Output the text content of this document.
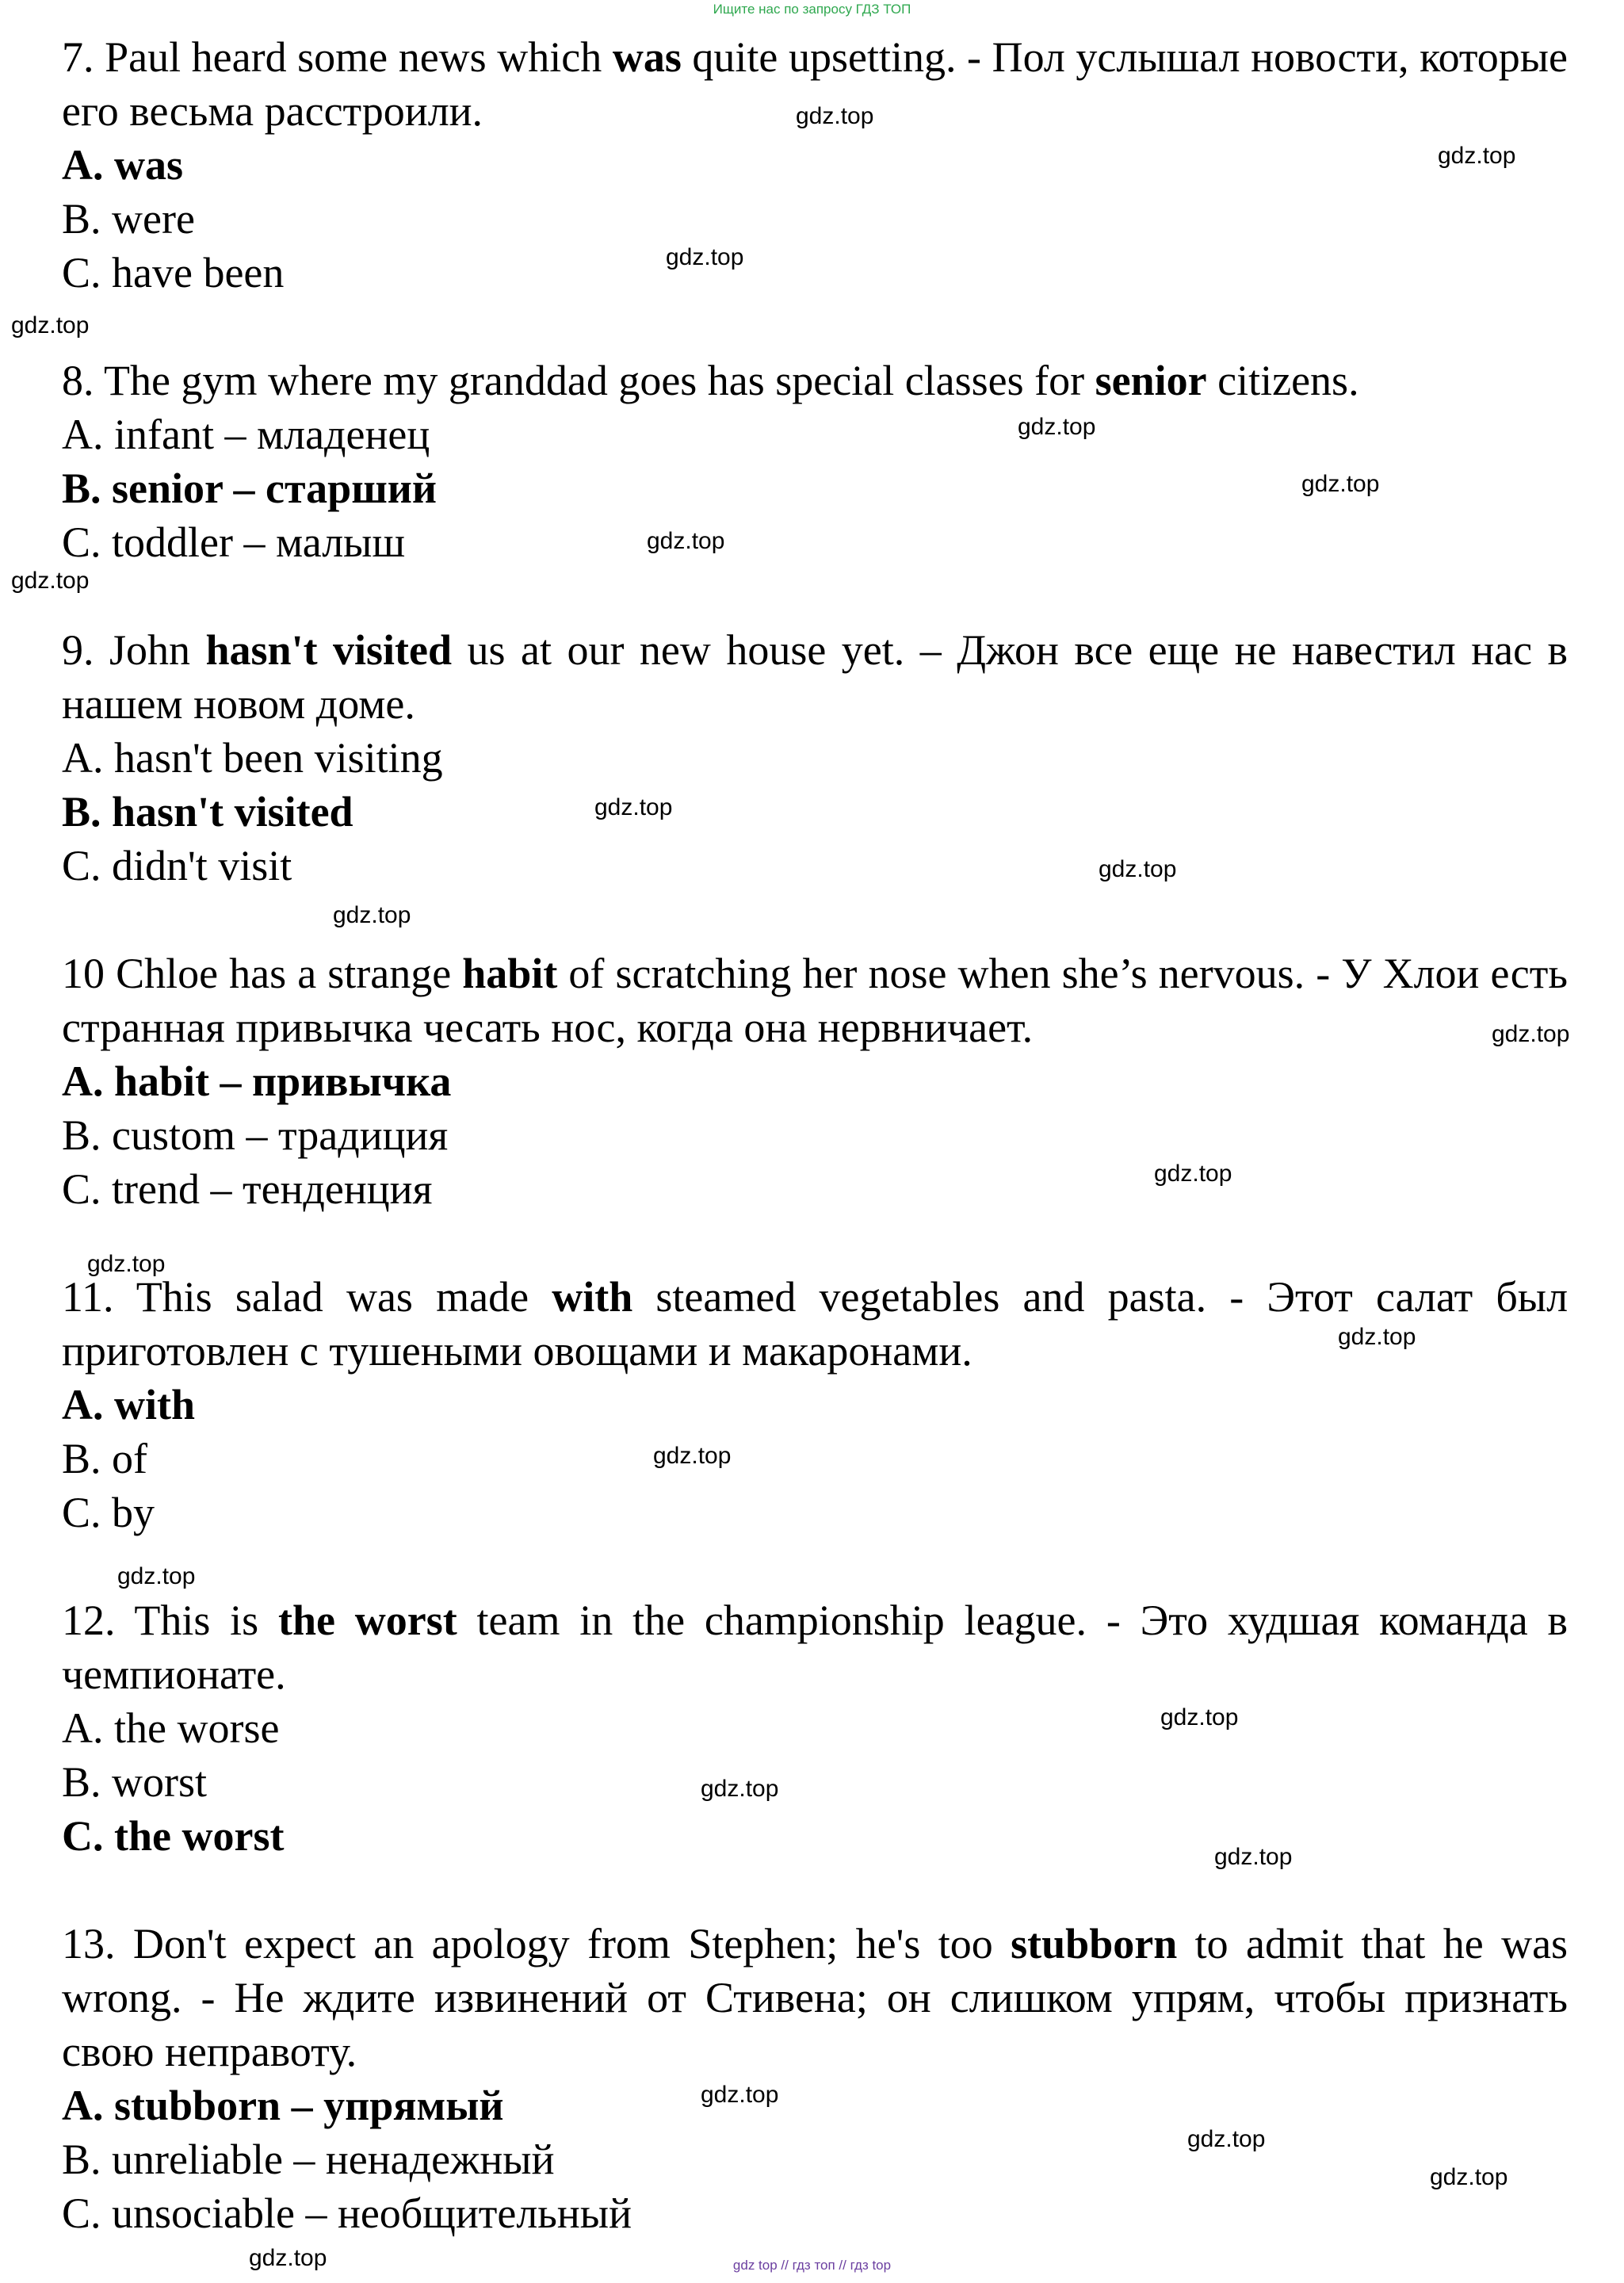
Ищите нас по запросу ГДЗ ТОП

7. Paul heard some news which was quite upsetting. - Пол услышал новости, которые его весьма расстроили.

A. was

B. were

C. have been

8. The gym where my granddad goes has special classes for senior citizens.

A. infant – младенец

B. senior – старший

C. toddler – малыш

9. John hasn't visited us at our new house yet. – Джон все еще не навестил нас в нашем новом доме.

A. hasn't been visiting

B. hasn't visited

C. didn't visit

10 Chloe has a strange habit of scratching her nose when she’s nervous. - У Хлои есть странная привычка чесать нос, когда она нервничает.

A. habit – привычка

B. custom – традиция

C. trend – тенденция

11. This salad was made with steamed vegetables and pasta. - Этот салат был приготовлен с тушеными овощами и макаронами.

A. with

B. of

C. by

12. This is the worst team in the championship league. - Это худшая команда в чемпионате.

A. the worse

B. worst

C. the worst

13. Don't expect an apology from Stephen; he's too stubborn to admit that he was wrong. - Не ждите извинений от Стивена; он слишком упрям, чтобы признать свою неправоту.

A. stubborn – упрямый

B. unreliable – ненадежный

C. unsociable – необщительный

gdz.top
gdz.top
gdz.top
gdz.top
gdz.top
gdz.top
gdz.top
gdz.top
gdz.top
gdz.top
gdz.top
gdz.top
gdz.top
gdz.top
gdz.top
gdz.top
gdz.top
gdz.top
gdz.top
gdz.top
gdz.top
gdz.top
gdz.top
gdz.top	gdz top // гдз топ // гдз top
